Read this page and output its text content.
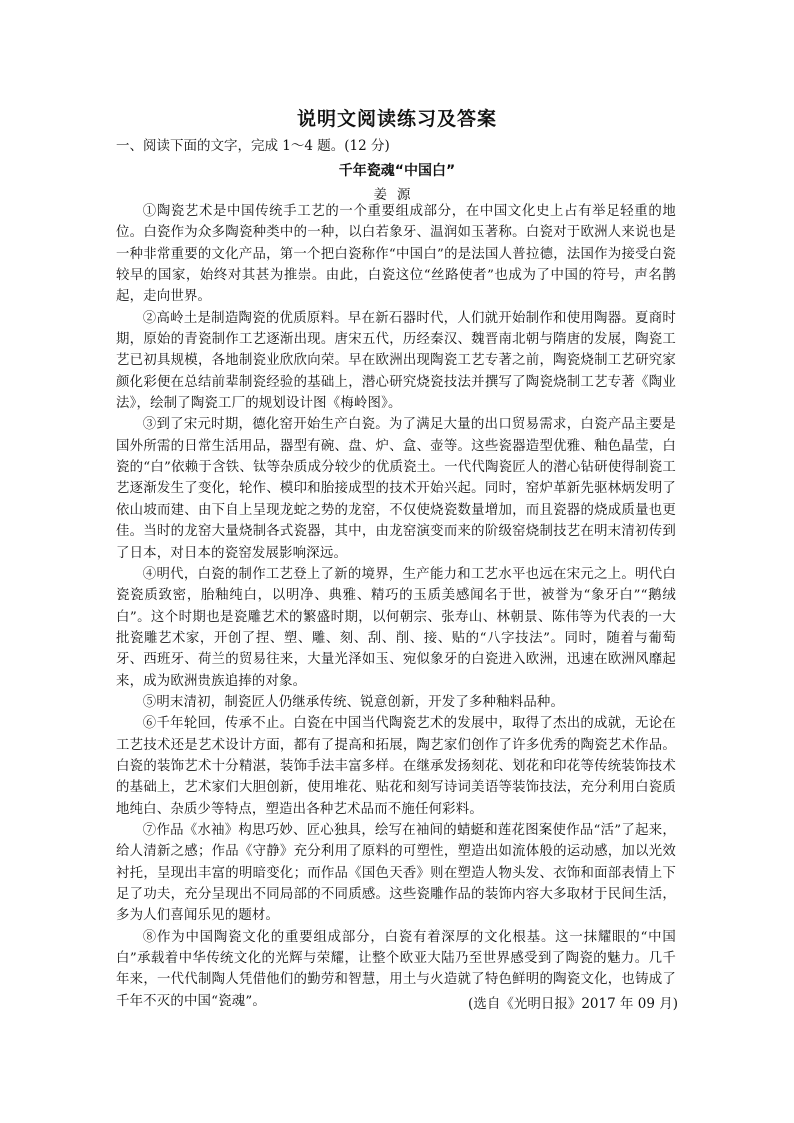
说明文阅读练习及答案

一、阅读下面的文字，完成 1～4 题。(12 分)

千年瓷魂“中国白”

姜源

①陶瓷艺术是中国传统手工艺的一个重要组成部分，在中国文化史上占有举足轻重的地位。白瓷作为众多陶瓷种类中的一种，以白若象牙、温润如玉著称。白瓷对于欧洲人来说也是一种非常重要的文化产品，第一个把白瓷称作“中国白”的是法国人普拉德，法国作为接受白瓷较早的国家，始终对其甚为推崇。由此，白瓷这位“丝路使者”也成为了中国的符号，声名鹊起，走向世界。

②高岭土是制造陶瓷的优质原料。早在新石器时代，人们就开始制作和使用陶器。夏商时期，原始的青瓷制作工艺逐渐出现。唐宋五代，历经秦汉、魏晋南北朝与隋唐的发展，陶瓷工艺已初具规模，各地制瓷业欣欣向荣。早在欧洲出现陶瓷工艺专著之前，陶瓷烧制工艺研究家颜化彩便在总结前辈制瓷经验的基础上，潜心研究烧瓷技法并撰写了陶瓷烧制工艺专著《陶业法》，绘制了陶瓷工厂的规划设计图《梅岭图》。

③到了宋元时期，德化窑开始生产白瓷。为了满足大量的出口贸易需求，白瓷产品主要是国外所需的日常生活用品，器型有碗、盘、炉、盒、壶等。这些瓷器造型优雅、釉色晶莹，白瓷的“白”依赖于含铁、钛等杂质成分较少的优质瓷土。一代代陶瓷匠人的潜心钻研使得制瓷工艺逐渐发生了变化，轮作、模印和胎接成型的技术开始兴起。同时，窑炉革新先驱林炳发明了依山坡而建、由下自上呈现龙蛇之势的龙窑，不仅使烧瓷数量增加，而且瓷器的烧成质量也更佳。当时的龙窑大量烧制各式瓷器，其中，由龙窑演变而来的阶级窑烧制技艺在明末清初传到了日本，对日本的瓷窑发展影响深远。

④明代，白瓷的制作工艺登上了新的境界，生产能力和工艺水平也远在宋元之上。明代白瓷瓷质致密，胎釉纯白，以明净、典雅、精巧的玉质美感闻名于世，被誉为“象牙白”“鹅绒白”。这个时期也是瓷雕艺术的繁盛时期，以何朝宗、张寿山、林朝景、陈伟等为代表的一大批瓷雕艺术家，开创了捏、塑、雕、刻、刮、削、接、贴的“八字技法”。同时，随着与葡萄牙、西班牙、荷兰的贸易往来，大量光泽如玉、宛似象牙的白瓷进入欧洲，迅速在欧洲风靡起来，成为欧洲贵族追捧的对象。

⑤明末清初，制瓷匠人仍继承传统、锐意创新，开发了多种釉料品种。

⑥千年轮回，传承不止。白瓷在中国当代陶瓷艺术的发展中，取得了杰出的成就，无论在工艺技术还是艺术设计方面，都有了提高和拓展，陶艺家们创作了许多优秀的陶瓷艺术作品。白瓷的装饰艺术十分精湛，装饰手法丰富多样。在继承发扬刻花、划花和印花等传统装饰技术的基础上，艺术家们大胆创新，使用堆花、贴花和刻写诗词美语等装饰技法，充分利用白瓷质地纯白、杂质少等特点，塑造出各种艺术品而不施任何彩料。

⑦作品《水袖》构思巧妙、匠心独具，绘写在袖间的蜻蜓和莲花图案使作品“活”了起来，给人清新之感；作品《守静》充分利用了原料的可塑性，塑造出如流体般的运动感，加以光效衬托，呈现出丰富的明暗变化；而作品《国色天香》则在塑造人物头发、衣饰和面部表情上下足了功夫，充分呈现出不同局部的不同质感。这些瓷雕作品的装饰内容大多取材于民间生活，多为人们喜闻乐见的题材。

⑧作为中国陶瓷文化的重要组成部分，白瓷有着深厚的文化根基。这一抹耀眼的“中国白”承载着中华传统文化的光辉与荣耀，让整个欧亚大陆乃至世界感受到了陶瓷的魅力。几千年来，一代代制陶人凭借他们的勤劳和智慧，用土与火造就了特色鲜明的陶瓷文化，也铸成了千年不灭的中国“瓷魂”。	(选自《光明日报》2017 年 09 月)
